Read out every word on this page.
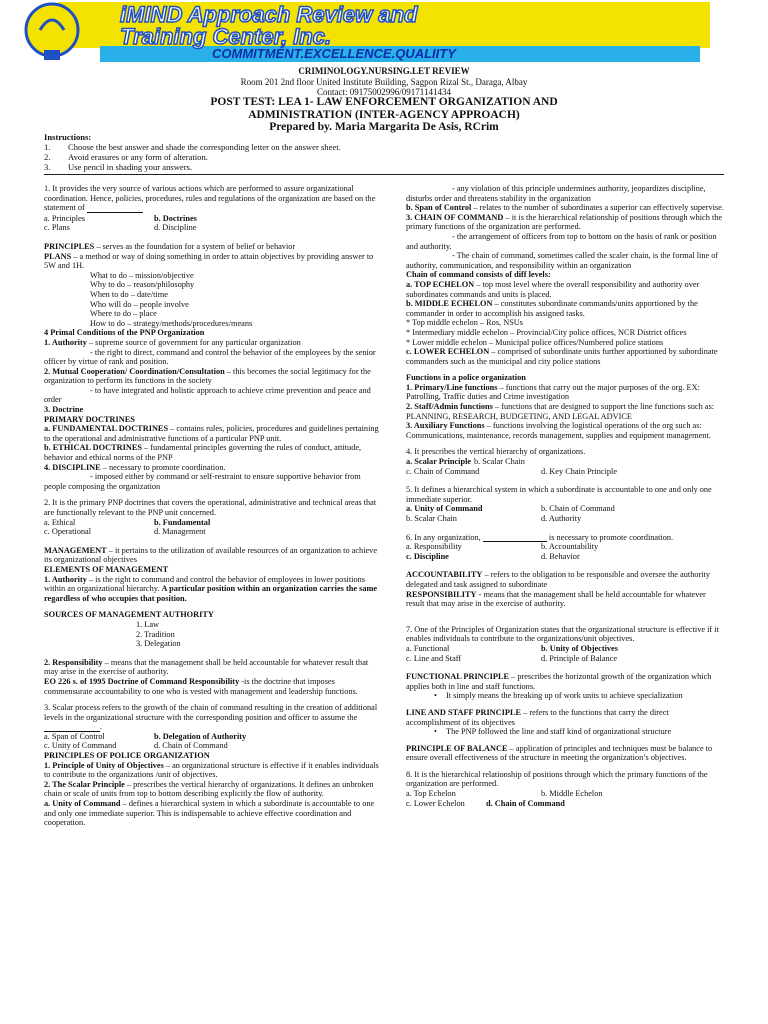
iMIND Approach Review and
Training Center, Inc.
COMMITMENT.EXCELLENCE.QUALIITY
CRIMINOLOGY.NURSING.LET REVIEW
Room 201 2nd floor United Institute Building, Sagpon Rizal St., Daraga, Albay
Contact: 09175002996/09171141434
POST TEST: LEA 1- LAW ENFORCEMENT ORGANIZATION AND
ADMINISTRATION (INTER-AGENCY APPROACH)
Prepared by. Maria Margarita De Asis, RCrim
Instructions:
1.	Choose the best answer and shade the corresponding letter on the answer sheet.
2.	Avoid erasures or any form of alteration.
3.	Use pencil in shading your answers.

1. It provides the very source of various actions which are performed to assure organizational coordination. Hence, policies, procedures, rules and regulations of the organization are based on the statement of

a. Principles	b. Doctrines
c. Plans	d. Discipline

PRINCIPLES – serves as the foundation for a system of belief or behavior

PLANS – a method or way of doing something in order to attain objectives by providing answer to 5W and 1H.

What to do – mission/objective
Why to do – reason/philosophy
When to do – date/time
Who will do – people involve
Where to do – place
How to do – strategy/methods/procedures/means

4 Primal Conditions of the PNP Organization

1. Authority – supreme source of government for any particular organization

- the right to direct, command and control the behavior of the employees by the senior officer by virtue of rank and position.

2. Mutual Cooperation/ Coordination/Consultation – this becomes the social legitimacy for the organization to perform its functions in the society

- to have integrated and holistic approach to achieve crime prevention and peace and order

3. Doctrine

PRIMARY DOCTRINES

a. FUNDAMENTAL DOCTRINES – contains rules, policies, procedures and guidelines pertaining to the operational and administrative functions of a particular PNP unit.

b. ETHICAL DOCTRINES – fundamental principles governing the rules of conduct, attitude, behavior and ethical norms of the PNP

4. DISCIPLINE – necessary to promote coordination.

- imposed either by command or self-restraint to ensure supportive behavior from people composing the organization

2. It is the primary PNP doctrines that covers the operational, administrative and technical areas that are functionally relevant to the PNP unit concerned.

a. Ethical	b. Fundamental
c. Operational	d. Management

MANAGEMENT – it pertains to the utilization of available resources of an organization to achieve its organizational objectives

ELEMENTS OF MANAGEMENT

1. Authority – is the right to command and control the behavior of employees in lower positions within an organizational hierarchy. A particular position within an organization carries the same regardless of who occupies that position.

SOURCES OF MANAGEMENT AUTHORITY

1. Law
2. Tradition
3. Delegation

2. Responsibility – means that the management shall be held accountable for whatever result that may arise in the exercise of authority.

EO 226 s. of 1995 Doctrine of Command Responsibility -is the doctrine that imposes commensurate accountability to one who is vested with management and leadership functions.

3. Scalar process refers to the growth of the chain of command resulting in the creation of additional levels in the organizational structure with the corresponding position and officer to assume the.

a. Span of Control	b. Delegation of Authority
c. Unity of Command	d. Chain of Command

PRINCIPLES OF POLICE ORGANIZATION

1. Principle of Unity of Objectives – an organizational structure is effective if it enables individuals to contribute to the organizations /unit of objectives.

2. The Scalar Principle – prescribes the vertical hierarchy of organizations. It defines an unbroken chain or scale of units from top to bottom describing explicitly the flow of authority.

a. Unity of Command – defines a hierarchical system in which a subordinate is accountable to one and only one immediate superior. This is indispensable to achieve effective coordination and cooperation.

- any violation of this principle undermines authority, jeopardizes discipline, disturbs order and threatens stability in the organization

b. Span of Control – relates to the number of subordinates a superior can effectively supervise.

3. CHAIN OF COMMAND – it is the hierarchical relationship of positions through which the primary functions of the organization are performed.

- the arrangement of officers from top to bottom on the basis of rank or position and authority.

- The chain of command, sometimes called the scaler chain, is the formal line of authority, communication, and responsibility within an organization

Chain of command consists of diff levels:

a. TOP ECHELON – top most level where the overall responsibility and authority over subordinates commands and units is placed.

b. MIDDLE ECHELON – constitutes subordinate commands/units apportioned by the commander in order to accomplish his assigned tasks.

* Top middle echelon – Ros, NSUs
* Intermediary middle echelon – Provincial/City police offices, NCR District offices
* Lower middle echelon – Municipal police offices/Numbered police stations

c. LOWER ECHELON – comprised of subordinate units further apportioned by subordinate commanders such as the municipal and city police stations

Functions in a police organization

1. Primary/Line functions – functions that carry out the major purposes of the org. EX: Patrolling, Traffic duties and Crime investigation

2. Staff/Admin functions – functions that are designed to support the line functions such as: PLANNING, RESEARCH, BUDGETING, AND LEGAL ADVICE

3. Auxiliary Functions – functions involving the logistical operations of the org such as: Communications, maintenance, records management, supplies and equipment management.

4. It prescribes the vertical hierarchy of organizations.

a. Scalar Principle b. Scalar Chain
c. Chain of Command	d. Key Chain Principle

5. It defines a hierarchical system in which a subordinate is accountable to one and only one immediate superior.

a. Unity of Command	b. Chain of Command
b. Scalar Chain	d. Authority

6. In any organization,	is necessary to promote coordination.

a. Responsibility	b. Accountability
c. Discipline	d. Behavior

ACCOUNTABILITY – refers to the obligation to be responsible and oversee the authority delegated and task assigned to subordinate

RESPONSIBILITY - means that the management shall be held accountable for whatever result that may arise in the exercise of authority.

7. One of the Principles of Organization states that the organizational structure is effective if it enables individuals to contribute to the organizations/unit objectives.

a. Functional	b. Unity of Objectives
c. Line and Staff	d. Principle of Balance

FUNCTIONAL PRINCIPLE – prescribes the horizontal growth of the organization which applies both in line and staff functions.

• It simply means the breaking up of work units to achieve specialization

LINE AND STAFF PRINCIPLE – refers to the functions that carry the direct accomplishment of its objectives

• The PNP followed the line and staff kind of organizational structure

PRINCIPLE OF BALANCE – application of principles and techniques must be balance to ensure overall effectiveness of the structure in meeting the organization’s objectives.

8. It is the hierarchical relationship of positions through which the primary functions of the organization are performed.

a. Top Echelon	b. Middle Echelon
c. Lower Echelon	d. Chain of Command
